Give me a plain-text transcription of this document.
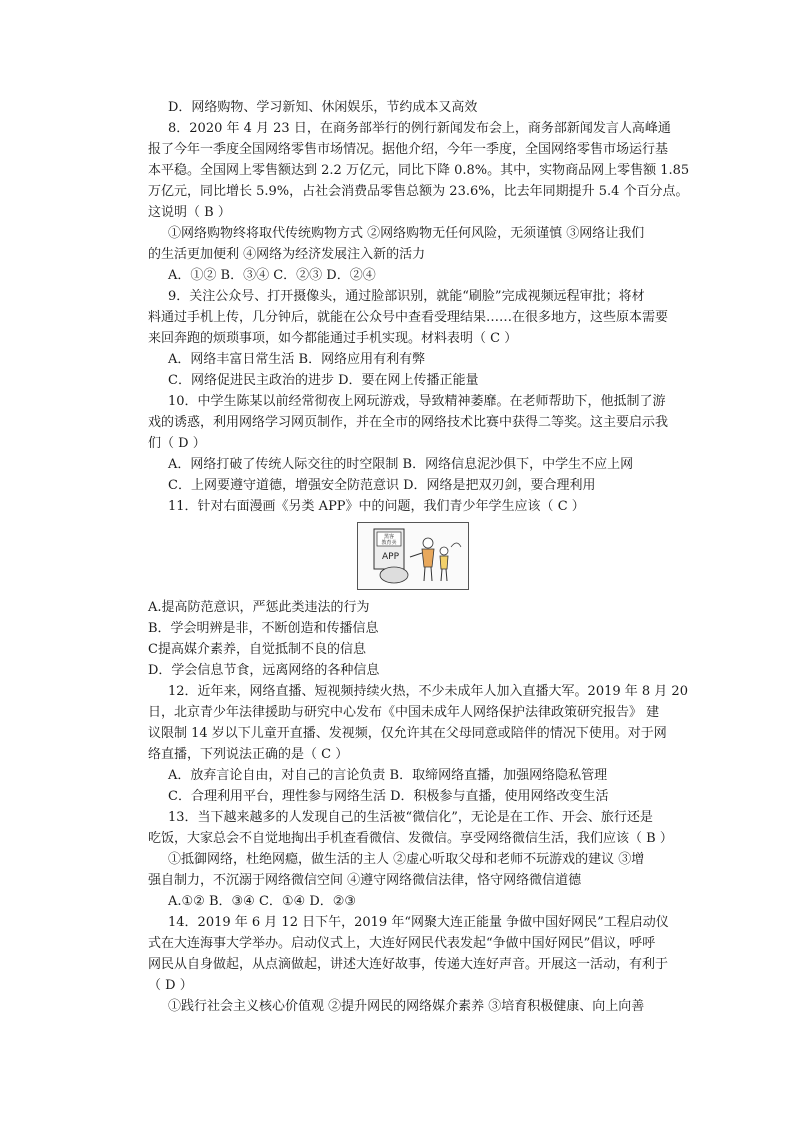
D．网络购物、学习新知、休闲娱乐，节约成本又高效
8．2020 年 4 月 23 日，在商务部举行的例行新闻发布会上，商务部新闻发言人高峰通
报了今年一季度全国网络零售市场情况。据他介绍，今年一季度，全国网络零售市场运行基
本平稳。全国网上零售额达到 2.2 万亿元，同比下降 0.8%。其中，实物商品网上零售额 1.85
万亿元，同比增长 5.9%，占社会消费品零售总额为 23.6%，比去年同期提升 5.4 个百分点。
这说明（ B ）
①网络购物终将取代传统购物方式 ②网络购物无任何风险，无须谨慎 ③网络让我们
的生活更加便利 ④网络为经济发展注入新的活力
A．①② B．③④ C．②③ D．②④
9．关注公众号、打开摄像头，通过脸部识别，就能“刷脸”完成视频远程审批；将材
料通过手机上传，几分钟后，就能在公众号中查看受理结果……在很多地方，这些原本需要
来回奔跑的烦琐事项，如今都能通过手机实现。材料表明（ C ）
A．网络丰富日常生活 B．网络应用有利有弊
C．网络促进民主政治的进步 D．要在网上传播正能量
10．中学生陈某以前经常彻夜上网玩游戏，导致精神萎靡。在老师帮助下，他抵制了游
戏的诱惑，利用网络学习网页制作，并在全市的网络技术比赛中获得二等奖。这主要启示我
们（ D ）
A．网络打破了传统人际交往的时空限制 B．网络信息泥沙俱下，中学生不应上网
C．上网要遵守道德，增强安全防范意识 D．网络是把双刃剑，要合理利用
11．针对右面漫画《另类 APP》中的问题，我们青少年学生应该（ C ）
黑客
教育卖
APP
A.提高防范意识，严惩此类违法的行为
B．学会明辨是非，不断创造和传播信息
C提高媒介素养，自觉抵制不良的信息
D．学会信息节食，远离网络的各种信息
12．近年来，网络直播、短视频持续火热，不少未成年人加入直播大军。2019 年 8 月 20
日，北京青少年法律援助与研究中心发布《中国未成年人网络保护法律政策研究报告》 建
议限制 14 岁以下儿童开直播、发视频，仅允许其在父母同意或陪伴的情况下使用。对于网
络直播，下列说法正确的是（ C ）
A．放弃言论自由，对自己的言论负责 B．取缔网络直播，加强网络隐私管理
C．合理利用平台，理性参与网络生活 D．积极参与直播，使用网络改变生活
13．当下越来越多的人发现自己的生活被“微信化”，无论是在工作、开会、旅行还是
吃饭，大家总会不自觉地掏出手机查看微信、发微信。享受网络微信生活，我们应该（ B ）
①抵御网络，杜绝网瘾，做生活的主人 ②虚心听取父母和老师不玩游戏的建议 ③增
强自制力，不沉溺于网络微信空间 ④遵守网络微信法律，恪守网络微信道德
A.①② B．③④ C．①④ D．②③
14．2019 年 6 月 12 日下午，2019 年“网聚大连正能量 争做中国好网民”工程启动仪
式在大连海事大学举办。启动仪式上，大连好网民代表发起“争做中国好网民”倡议，呼呼
网民从自身做起，从点滴做起，讲述大连好故事，传递大连好声音。开展这一活动，有利于
（ D ）
①践行社会主义核心价值观 ②提升网民的网络媒介素养 ③培育积极健康、向上向善
